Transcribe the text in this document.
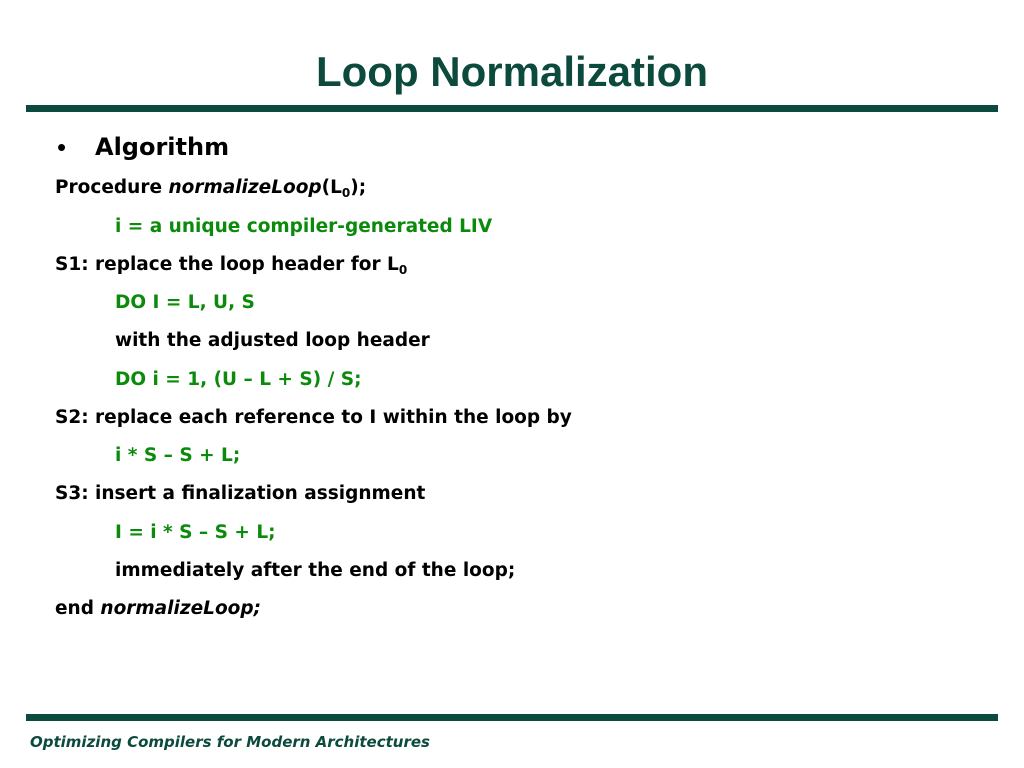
Loop Normalization
• Algorithm
Procedure $normalizeLoop(L_0)$;
i = a unique compiler-generated LIV
S1: replace the loop header for $L_0$
DO I = L, U, S
with the adjusted loop header
DO i = 1, (U – L + S) / S;
S2: replace each reference to I within the loop by
i * S – S + L;
S3: insert a finalization assignment
I = i * S – S + L;
immediately after the end of the loop;
end normalizeLoop;
Optimizing Compilers for Modern Architectures
